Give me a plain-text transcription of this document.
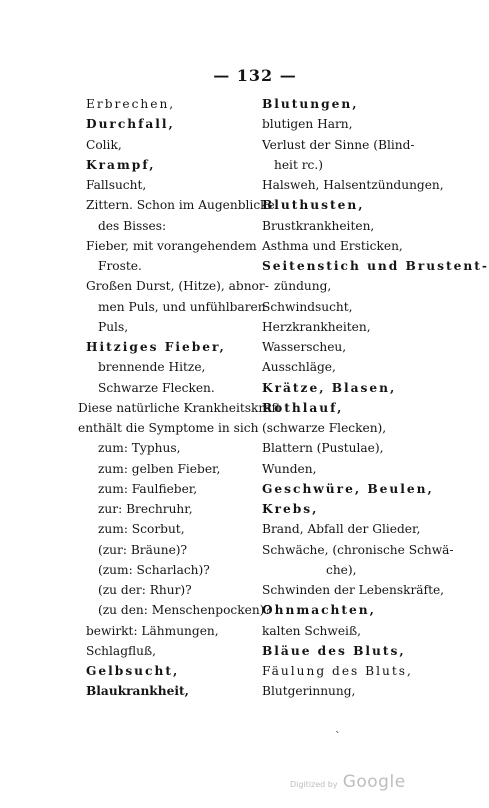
— 132 —
Erbrechen,
Durchfall,
Colik,
Krampf,
Fallsucht,
Zittern. Schon im Augenblicke
des Bisses:
Fieber, mit vorangehendem
Froste.
Großen Durst, (Hitze), abnor-
men Puls, und unfühlbaren
Puls,
Hitziges Fieber,
brennende Hitze,
Schwarze Flecken.
Diese natürliche Krankheitskraft
enthält die Symptome in sich
zum: Typhus,
zum: gelben Fieber,
zum: Faulfieber,
zur: Brechruhr,
zum: Scorbut,
(zur: Bräune)?
(zum: Scharlach)?
(zu der: Rhur)?
(zu den: Menschenpocken)?
bewirkt: Lähmungen,
Schlagfluß,
Gelbsucht,
Blaukrankheit,
Blutungen,
blutigen Harn,
Verlust der Sinne (Blind-
heit rc.)
Halsweh, Halsentzündungen,
Bluthusten,
Brustkrankheiten,
Asthma und Ersticken,
Seitenstich und Brustent-
zündung,
Schwindsucht,
Herzkrankheiten,
Wasserscheu,
Ausschläge,
Krätze, Blasen,
Rothlauf,
(schwarze Flecken),
Blattern (Pustulae),
Wunden,
Geschwüre, Beulen,
Krebs,
Brand, Abfall der Glieder,
Schwäche, (chronische Schwä-
che),
Schwinden der Lebenskräfte,
Ohnmachten,
kalten Schweiß,
Bläue des Bluts,
Fäulung des Bluts,
Blutgerinnung,
`
Digitized by Google
